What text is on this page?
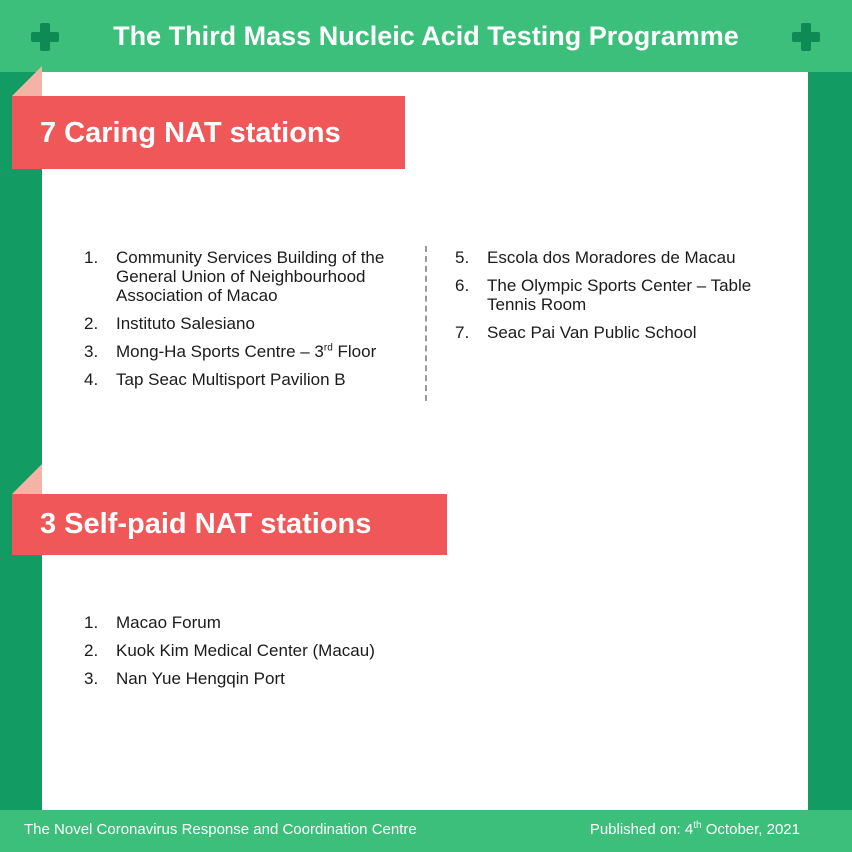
The Third Mass Nucleic Acid Testing Programme
7 Caring NAT stations
1. Community Services Building of the General Union of Neighbourhood Association of Macao
2. Instituto Salesiano
3. Mong-Ha Sports Centre – 3rd Floor
4. Tap Seac Multisport Pavilion B
5. Escola dos Moradores de Macau
6. The Olympic Sports Center – Table Tennis Room
7. Seac Pai Van Public School
3 Self-paid NAT stations
1. Macao Forum
2. Kuok Kim Medical Center (Macau)
3. Nan Yue Hengqin Port
The Novel Coronavirus Response and Coordination Centre	Published on: 4th October, 2021
